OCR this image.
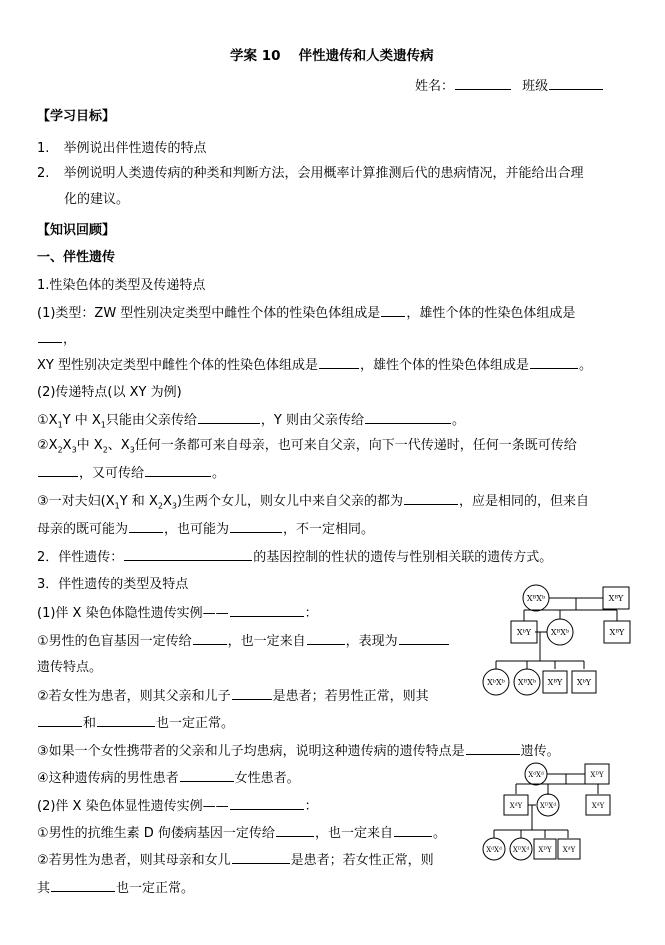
学案 10　 伴性遗传和人类遗传病
姓名：	班级
【学习目标】
1. 举例说出伴性遗传的特点
2. 举例说明人类遗传病的种类和判断方法，会用概率计算推测后代的患病情况，并能给出合理
化的建议。
【知识回顾】
一、伴性遗传
1.性染色体的类型及传递特点
(1)类型：ZW 型性别决定类型中雌性个体的性染色体组成是 ，雄性个体的性染色体组成是
，
XY 型性别决定类型中雌性个体的性染色体组成是	，雄性个体的性染色体组成是	。
(2)传递特点(以 XY 为例)
$①X_1Y$ 中 $X_1$只能由父亲传给	，Y 则由父亲传给	。
$②X_2X_3$中 $X_2$、$X_3$任何一条都可来自母亲，也可来自父亲，向下一代传递时，任何一条既可传给
，又可传给	。
③一对夫妇($X_1Y$ 和 $X_2X_3$)生两个女儿，则女儿中来自父亲的都为	，应是相同的，但来自
母亲的既可能为	，也可能为	，不一定相同。
2．伴性遗传：	的基因控制的性状的遗传与性别相关联的遗传方式。
3．伴性遗传的类型及特点
(1)伴 X 染色体隐性遗传实例——	：
①男性的色盲基因一定传给	，也一定来自	，表现为
遗传特点。
②若女性为患者，则其父亲和儿子	是患者；若男性正常，则其
和	也一定正常。
③如果一个女性携带者的父亲和儿子均患病，说明这种遗传病的遗传特点是	遗传。
④这种遗传病的男性患者	女性患者。
(2)伴 X 染色体显性遗传实例——	：
①男性的抗维生素 D 佝偻病基因一定传给	，也一定来自	。
②若男性为患者，则其母亲和女儿	是患者；若女性正常，则
其	也一定正常。
XᴮXᵇ	XᴮY
XᵇY XᴮXᵇ	XᴮY
XᵇXᵇ XᴮXᵇ XᴮY XᵇY
XᵈXᵈ	XᴰY
XᵈY	XᴰXᵈ	XᵈY
XᵈXᵈ XᴰXᵈ XᴰY XᵈY
